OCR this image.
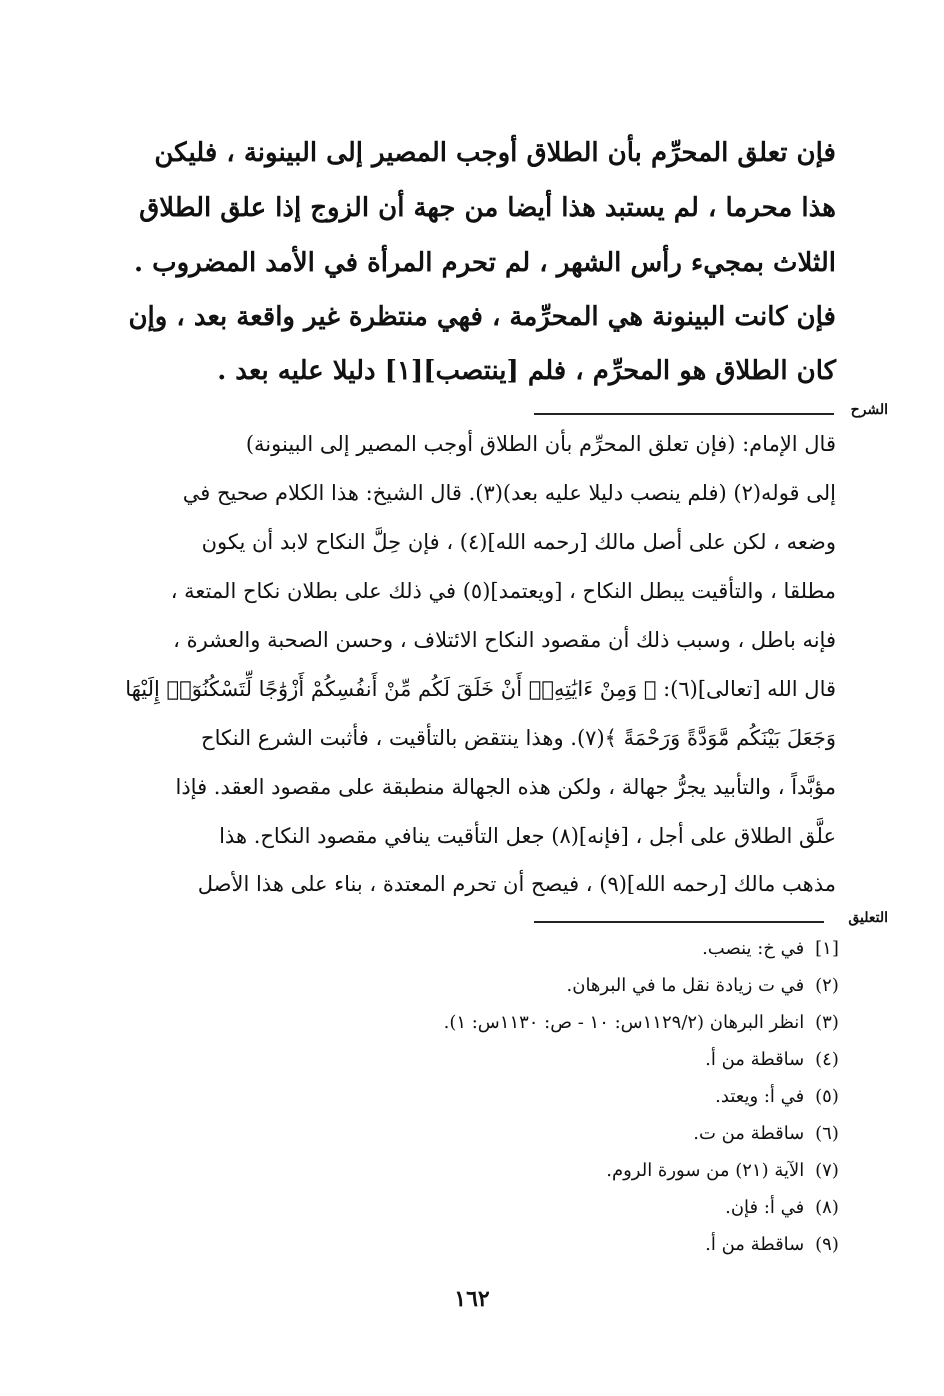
فإن تعلق المحرِّم بأن الطلاق أوجب المصير إلى البينونة ، فليكن
هذا محرما ، لم يستبد هذا أيضا من جهة أن الزوج إذا علق الطلاق
الثلاث بمجيء رأس الشهر ، لم تحرم المرأة في الأمد المضروب .
فإن كانت البينونة هي المحرِّمة ، فهي منتظرة غير واقعة بعد ، وإن
كان الطلاق هو المحرِّم ، فلم [ينتصب][١] دليلا عليه بعد .
الشرح
قال الإمام: (فإن تعلق المحرِّم بأن الطلاق أوجب المصير إلى البينونة)
إلى قوله(٢) (فلم ينصب دليلا عليه بعد)(٣). قال الشيخ: هذا الكلام صحيح في
وضعه ، لكن على أصل مالك [رحمه الله](٤) ، فإن حِلَّ النكاح لابد أن يكون
مطلقا ، والتأقيت يبطل النكاح ، [ويعتمد](٥) في ذلك على بطلان نكاح المتعة ،
فإنه باطل ، وسبب ذلك أن مقصود النكاح الائتلاف ، وحسن الصحبة والعشرة ،
قال الله [تعالى](٦): ﴿ وَمِنْ ءَايَٰتِهِۦٓ أَنْ خَلَقَ لَكُم مِّنْ أَنفُسِكُمْ أَزْوَٰجًا لِّتَسْكُنُوٓا۟ إِلَيْهَا
وَجَعَلَ بَيْنَكُم مَّوَدَّةً وَرَحْمَةً ﴾(٧). وهذا ينتقض بالتأقيت ، فأثبت الشرع النكاح
مؤبَّداً ، والتأبيد يجرُّ جهالة ، ولكن هذه الجهالة منطبقة على مقصود العقد. فإذا
علَّق الطلاق على أجل ، [فإنه](٨) جعل التأقيت ينافي مقصود النكاح. هذا
مذهب مالك [رحمه الله](٩) ، فيصح أن تحرم المعتدة ، بناء على هذا الأصل
التعليق
[١] في خ: ينصب.
(٢) في ت زيادة نقل ما في البرهان.
(٣) انظر البرهان (١١٢٩/٢س: ١٠ - ص: ١١٣٠س: ١).
(٤) ساقطة من أ.
(٥) في أ: ويعتد.
(٦) ساقطة من ت.
(٧) الآية (٢١) من سورة الروم.
(٨) في أ: فإن.
(٩) ساقطة من أ.
١٦٢
